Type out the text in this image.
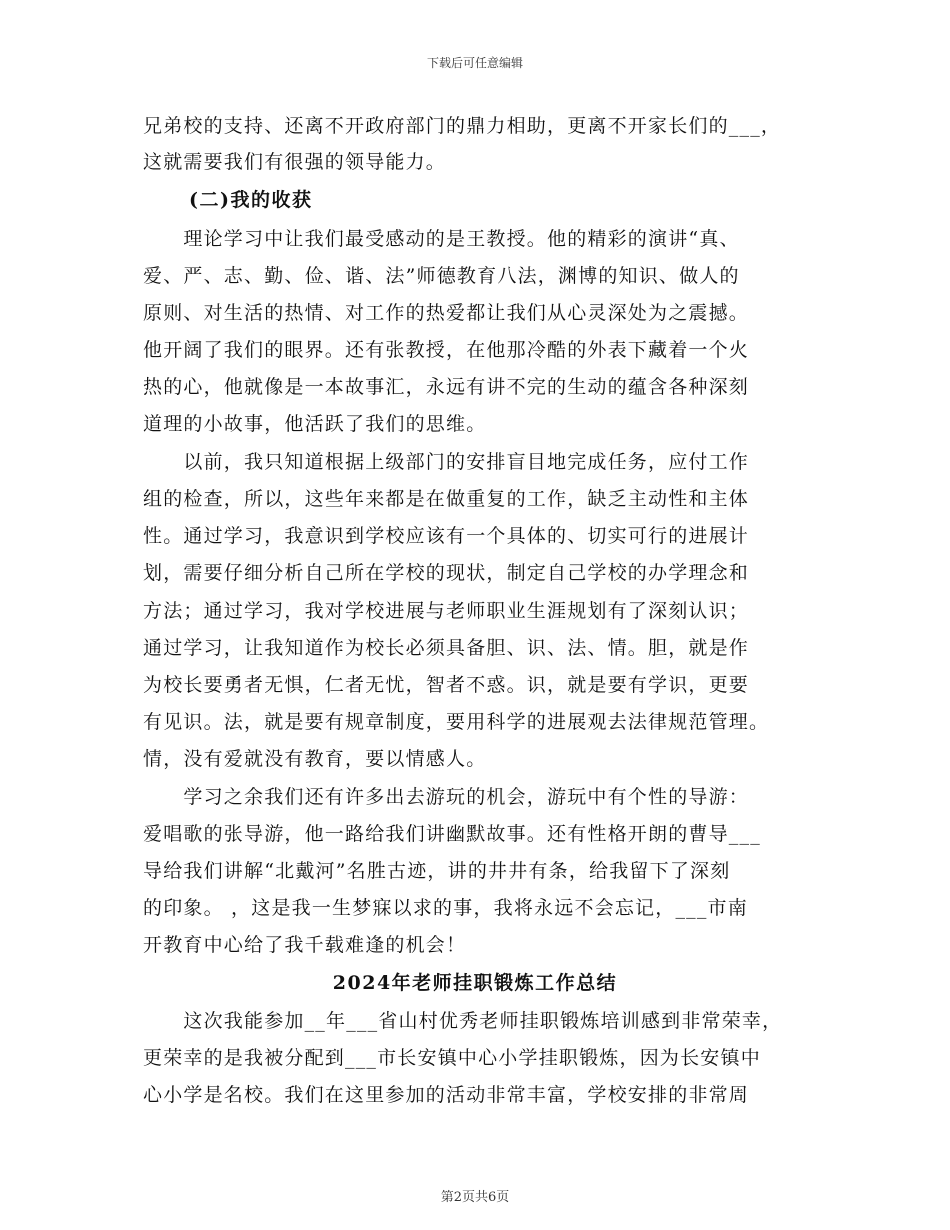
下载后可任意编辑
兄弟校的支持、还离不开政府部门的鼎力相助，更离不开家长们的___，
这就需要我们有很强的领导能力。
(二)我的收获
　　理论学习中让我们最受感动的是王教授。他的精彩的演讲“真、
爱、严、志、勤、俭、谐、法”师德教育八法，渊博的知识、做人的
原则、对生活的热情、对工作的热爱都让我们从心灵深处为之震撼。
他开阔了我们的眼界。还有张教授，在他那冷酷的外表下藏着一个火
热的心，他就像是一本故事汇，永远有讲不完的生动的蕴含各种深刻
道理的小故事，他活跃了我们的思维。
　　以前，我只知道根据上级部门的安排盲目地完成任务，应付工作
组的检查，所以，这些年来都是在做重复的工作，缺乏主动性和主体
性。通过学习，我意识到学校应该有一个具体的、切实可行的进展计
划，需要仔细分析自己所在学校的现状，制定自己学校的办学理念和
方法；通过学习，我对学校进展与老师职业生涯规划有了深刻认识；
通过学习，让我知道作为校长必须具备胆、识、法、情。胆，就是作
为校长要勇者无惧，仁者无忧，智者不惑。识，就是要有学识，更要
有见识。法，就是要有规章制度，要用科学的进展观去法律规范管理。
情，没有爱就没有教育，要以情感人。
　　学习之余我们还有许多出去游玩的机会，游玩中有个性的导游：
爱唱歌的张导游，他一路给我们讲幽默故事。还有性格开朗的曹导___
导给我们讲解“北戴河”名胜古迹，讲的井井有条，给我留下了深刻
的印象。 ，这是我一生梦寐以求的事，我将永远不会忘记，___市南
开教育中心给了我千载难逢的机会！
2024年老师挂职锻炼工作总结
　　这次我能参加__年___省山村优秀老师挂职锻炼培训感到非常荣幸，
更荣幸的是我被分配到___市长安镇中心小学挂职锻炼，因为长安镇中
心小学是名校。我们在这里参加的活动非常丰富，学校安排的非常周
第2页共6页
